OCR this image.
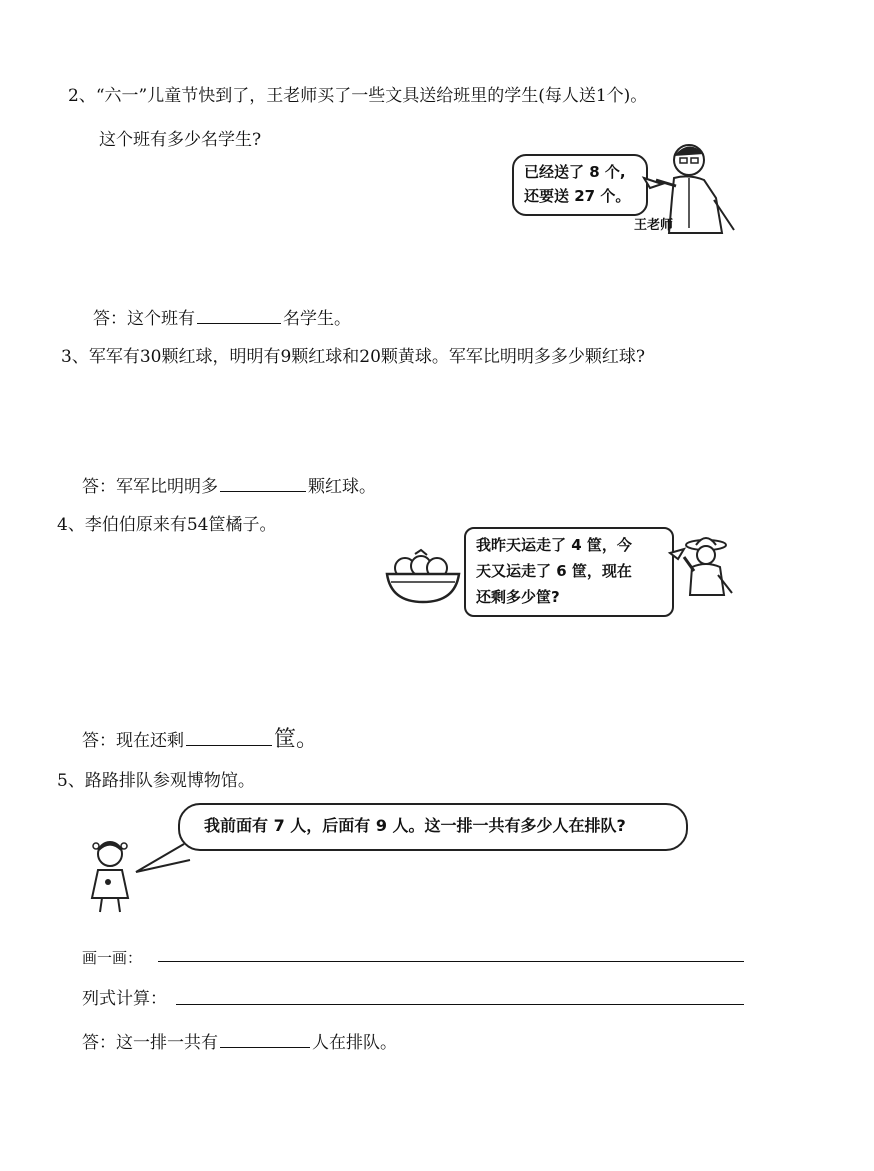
2、“六一”儿童节快到了，王老师买了一些文具送给班里的学生(每人送1个)。
这个班有多少名学生?
已经送了 8 个,
还要送 27 个。
王老师
答：这个班有	名学生。
3、军军有30颗红球，明明有9颗红球和20颗黄球。军军比明明多多少颗红球?
答：军军比明明多	颗红球。
4、李伯伯原来有54筐橘子。
我昨天运走了 4 筐，今
天又运走了 6 筐，现在
还剩多少筐?
答：现在还剩	筐。
5、路路排队参观博物馆。
我前面有 7 人，后面有 9 人。这一排一共有多少人在排队?
画一画：
列式计算：
答：这一排一共有	人在排队。
